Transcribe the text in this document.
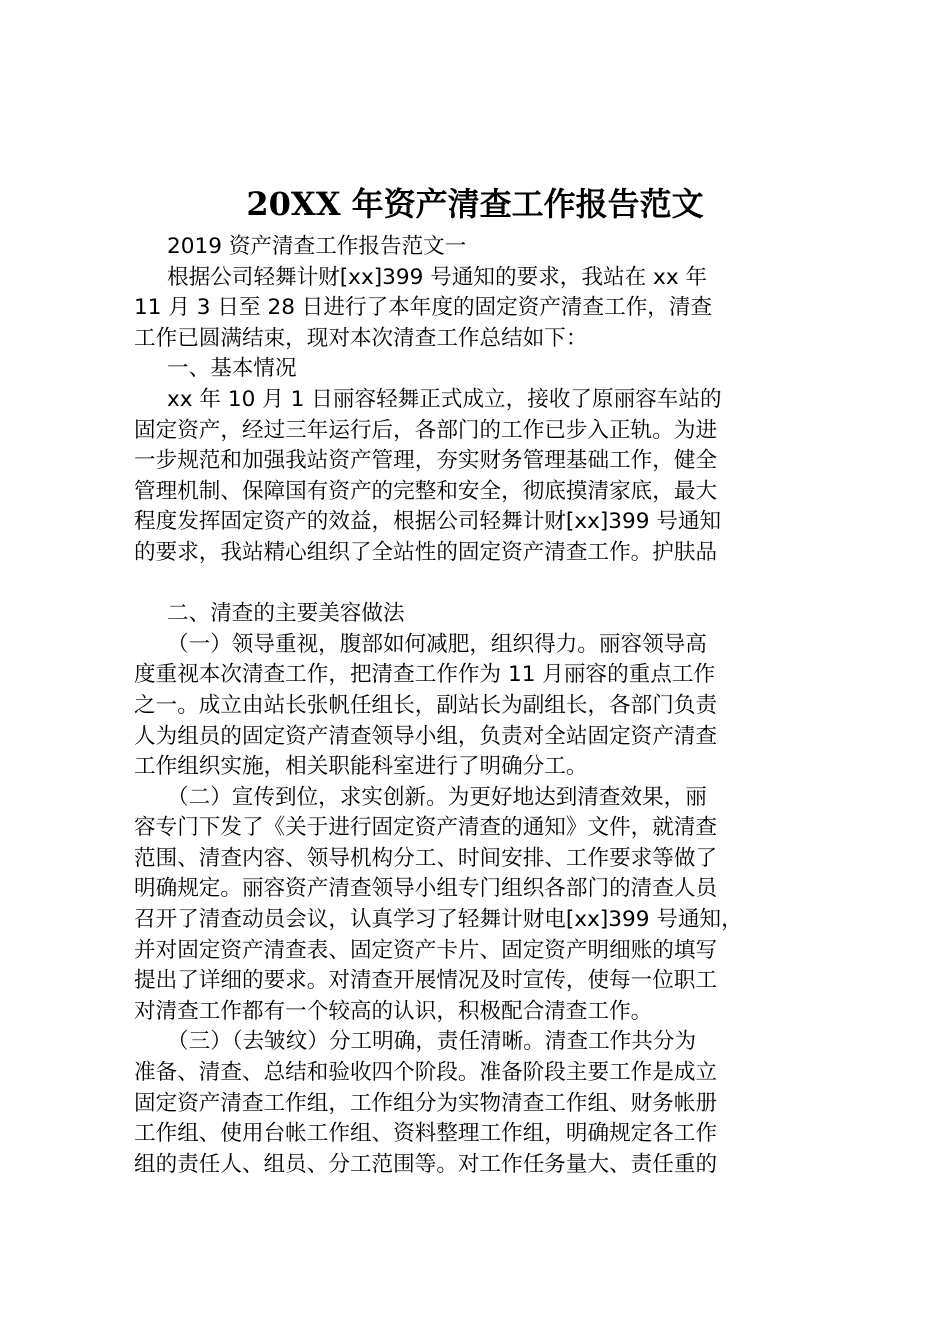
20XX 年资产清查工作报告范文
2019 资产清查工作报告范文一
根据公司轻舞计财[xx]399 号通知的要求，我站在 xx 年
11 月 3 日至 28 日进行了本年度的固定资产清查工作，清查
工作已圆满结束，现对本次清查工作总结如下：
一、基本情况
xx 年 10 月 1 日丽容轻舞正式成立，接收了原丽容车站的
固定资产，经过三年运行后，各部门的工作已步入正轨。为进
一步规范和加强我站资产管理，夯实财务管理基础工作，健全
管理机制、保障国有资产的完整和安全，彻底摸清家底，最大
程度发挥固定资产的效益，根据公司轻舞计财[xx]399 号通知
的要求，我站精心组织了全站性的固定资产清查工作。护肤品
二、清查的主要美容做法
（一）领导重视，腹部如何减肥，组织得力。丽容领导高
度重视本次清查工作，把清查工作作为 11 月丽容的重点工作
之一。成立由站长张帆任组长，副站长为副组长，各部门负责
人为组员的固定资产清查领导小组，负责对全站固定资产清查
工作组织实施，相关职能科室进行了明确分工。
（二）宣传到位，求实创新。为更好地达到清查效果，丽
容专门下发了《关于进行固定资产清查的通知》文件，就清查
范围、清查内容、领导机构分工、时间安排、工作要求等做了
明确规定。丽容资产清查领导小组专门组织各部门的清查人员
召开了清查动员会议，认真学习了轻舞计财电[xx]399 号通知，
并对固定资产清查表、固定资产卡片、固定资产明细账的填写
提出了详细的要求。对清查开展情况及时宣传，使每一位职工
对清查工作都有一个较高的认识，积极配合清查工作。
（三）（去皱纹）分工明确，责任清晰。清查工作共分为
准备、清查、总结和验收四个阶段。准备阶段主要工作是成立
固定资产清查工作组，工作组分为实物清查工作组、财务帐册
工作组、使用台帐工作组、资料整理工作组，明确规定各工作
组的责任人、组员、分工范围等。对工作任务量大、责任重的
